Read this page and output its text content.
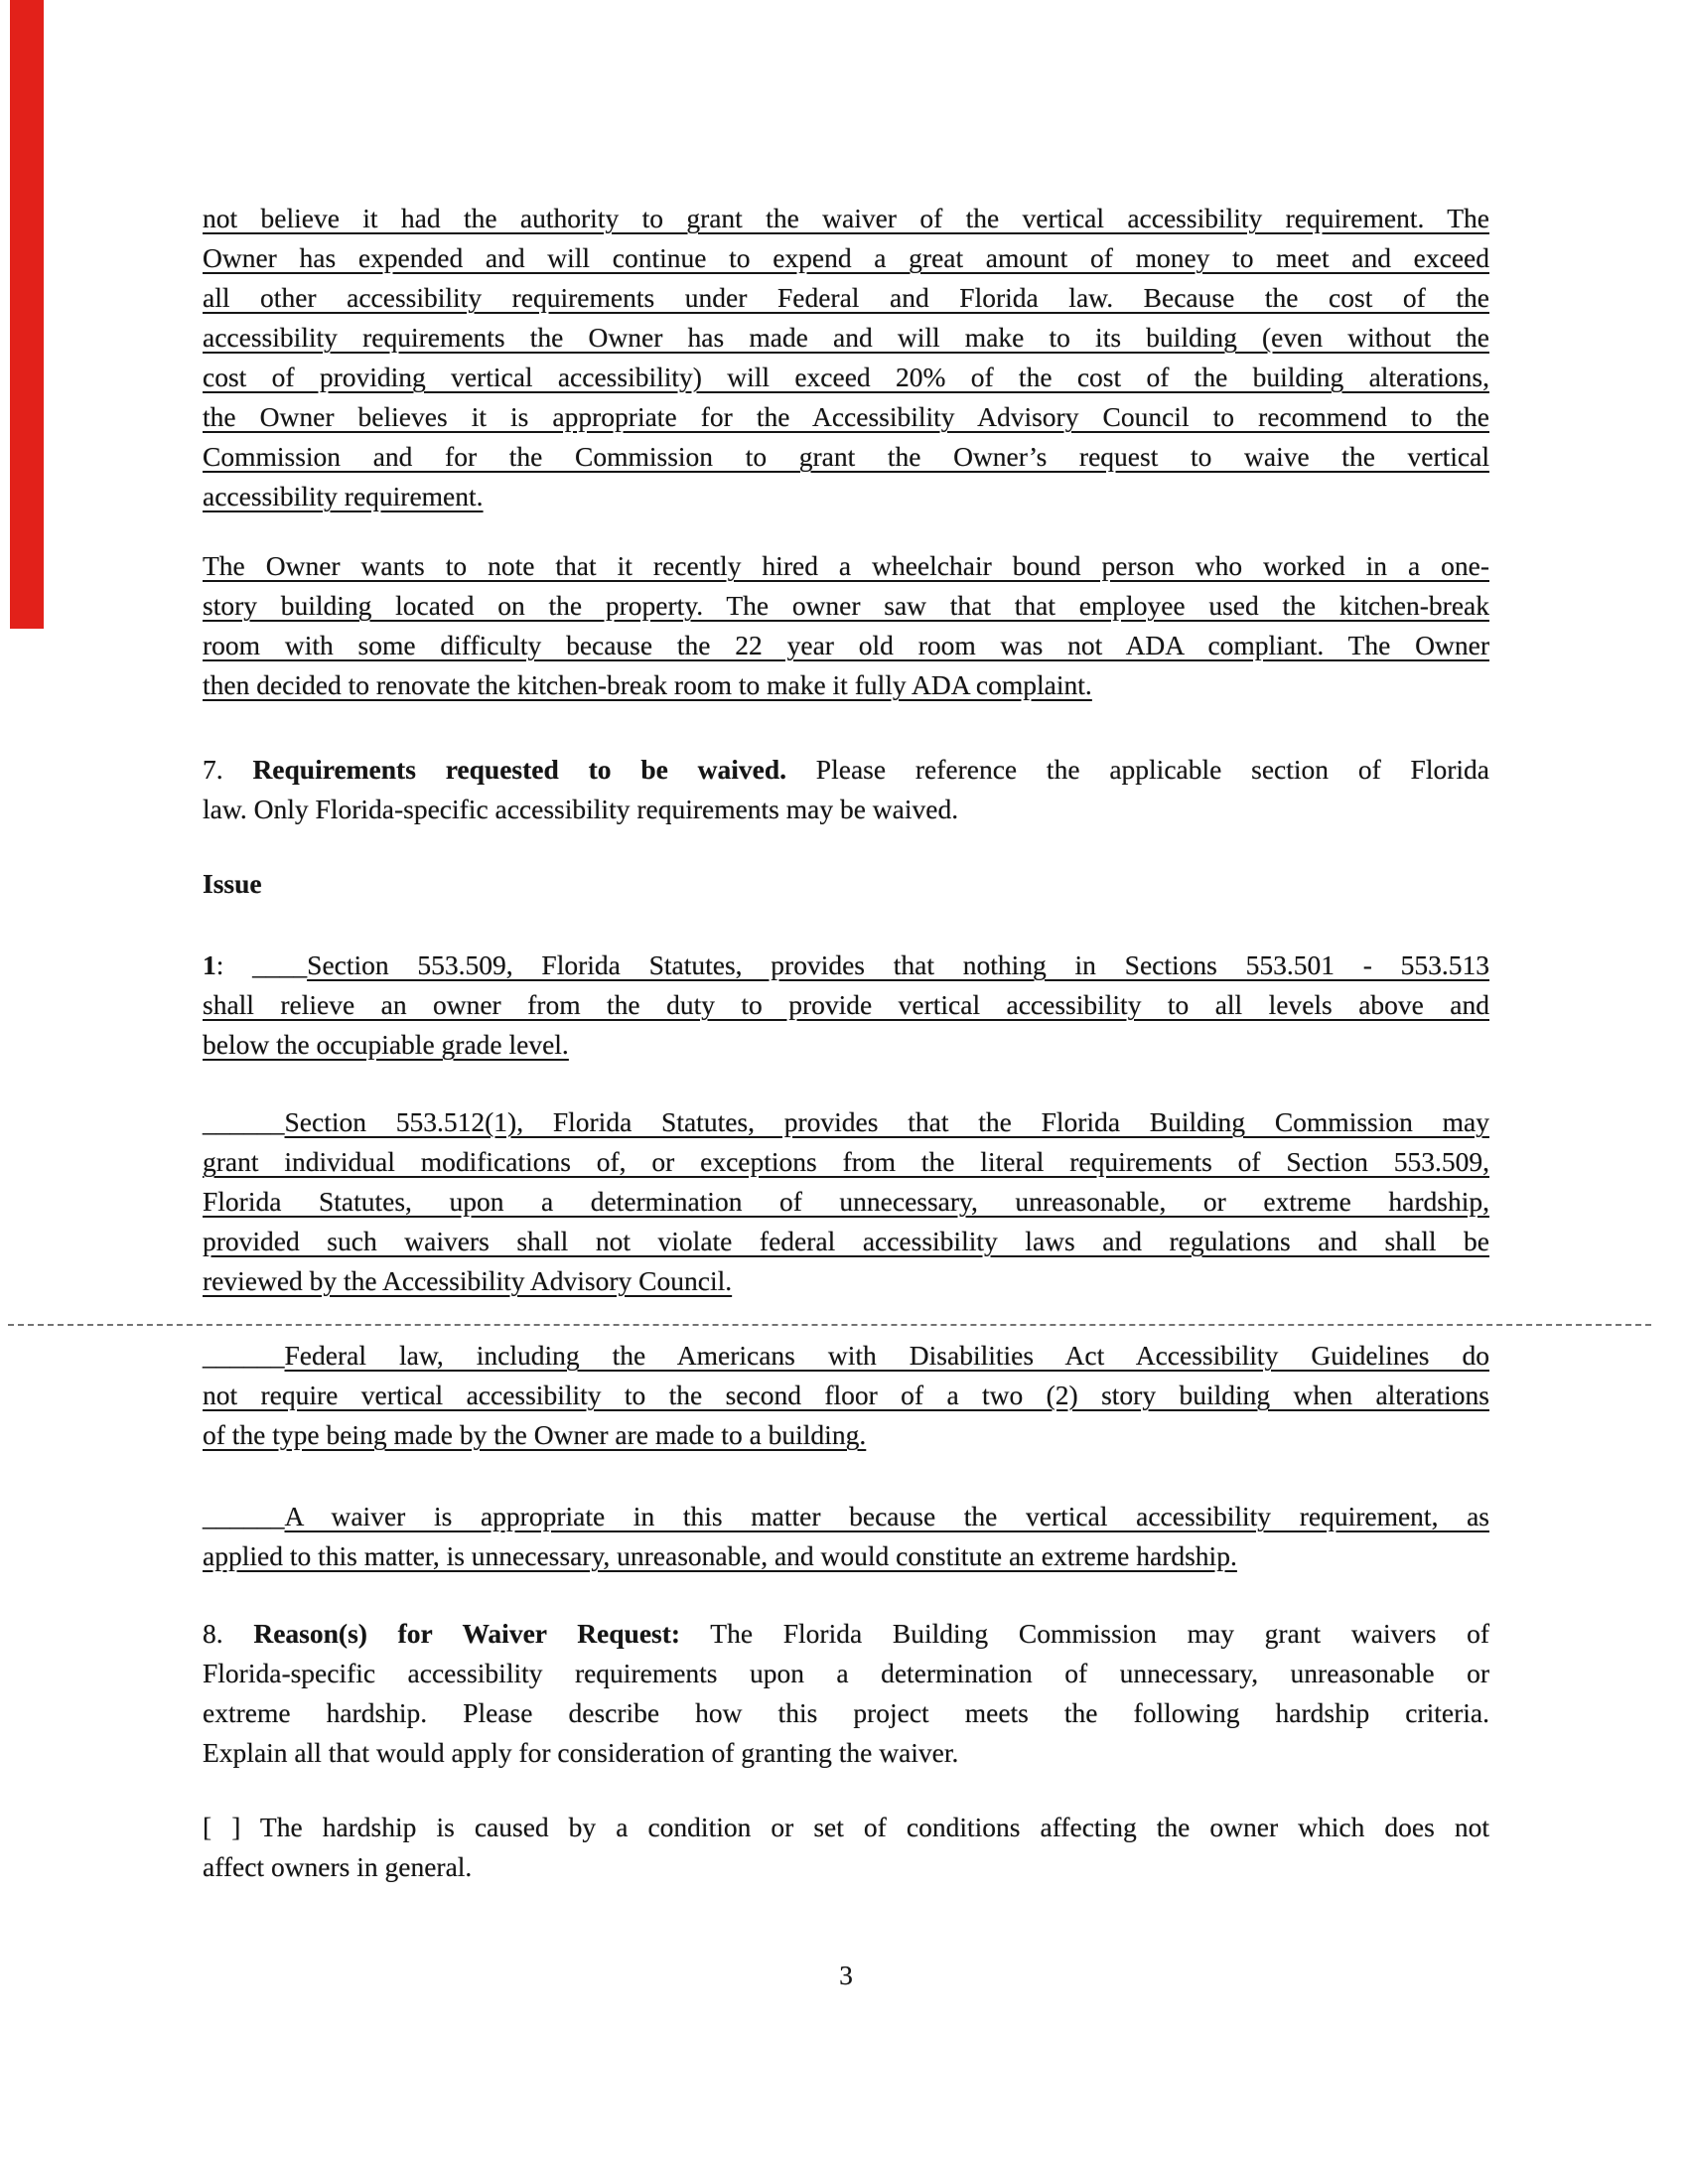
not believe it had the authority to grant the waiver of the vertical accessibility requirement. The
Owner has expended and will continue to expend a great amount of money to meet and exceed
all other accessibility requirements under Federal and Florida law. Because the cost of the
accessibility requirements the Owner has made and will make to its building (even without the
cost of providing vertical accessibility) will exceed 20% of the cost of the building alterations,
the Owner believes it is appropriate for the Accessibility Advisory Council to recommend to the
Commission and for the Commission to grant the Owner’s request to waive the vertical
accessibility requirement.
The Owner wants to note that it recently hired a wheelchair bound person who worked in a one-
story building located on the property. The owner saw that that employee used the kitchen-break
room with some difficulty because the 22 year old room was not ADA compliant. The Owner
then decided to renovate the kitchen-break room to make it fully ADA complaint.
7. Requirements requested to be waived. Please reference the applicable section of Florida
law. Only Florida-specific accessibility requirements may be waived.
Issue
1: ____Section 553.509, Florida Statutes, provides that nothing in Sections 553.501 - 553.513
shall relieve an owner from the duty to provide vertical accessibility to all levels above and
below the occupiable grade level.
______Section 553.512(1), Florida Statutes, provides that the Florida Building Commission may
grant individual modifications of, or exceptions from the literal requirements of Section 553.509,
Florida Statutes, upon a determination of unnecessary, unreasonable, or extreme hardship,
provided such waivers shall not violate federal accessibility laws and regulations and shall be
reviewed by the Accessibility Advisory Council.
______Federal law, including the Americans with Disabilities Act Accessibility Guidelines do
not require vertical accessibility to the second floor of a two (2) story building when alterations
of the type being made by the Owner are made to a building.
______A waiver is appropriate in this matter because the vertical accessibility requirement, as
applied to this matter, is unnecessary, unreasonable, and would constitute an extreme hardship.
8. Reason(s) for Waiver Request: The Florida Building Commission may grant waivers of
Florida-specific accessibility requirements upon a determination of unnecessary, unreasonable or
extreme hardship. Please describe how this project meets the following hardship criteria.
Explain all that would apply for consideration of granting the waiver.
[ ] The hardship is caused by a condition or set of conditions affecting the owner which does not
affect owners in general.
3
